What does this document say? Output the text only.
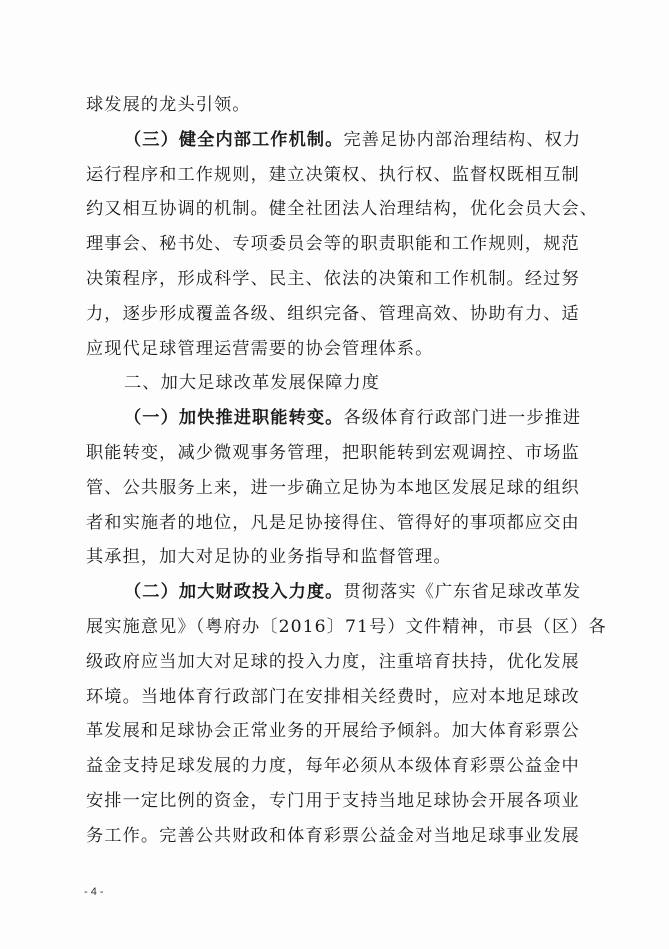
球发展的龙头引领。
（三）健全内部工作机制。完善足协内部治理结构、权力
运行程序和工作规则，建立决策权、执行权、监督权既相互制
约又相互协调的机制。健全社团法人治理结构，优化会员大会、
理事会、秘书处、专项委员会等的职责职能和工作规则，规范
决策程序，形成科学、民主、依法的决策和工作机制。经过努
力，逐步形成覆盖各级、组织完备、管理高效、协助有力、适
应现代足球管理运营需要的协会管理体系。
二、加大足球改革发展保障力度
（一）加快推进职能转变。各级体育行政部门进一步推进
职能转变，减少微观事务管理，把职能转到宏观调控、市场监
管、公共服务上来，进一步确立足协为本地区发展足球的组织
者和实施者的地位，凡是足协接得住、管得好的事项都应交由
其承担，加大对足协的业务指导和监督管理。
（二）加大财政投入力度。贯彻落实《广东省足球改革发
展实施意见》（粤府办〔2016〕71号）文件精神，市县（区）各
级政府应当加大对足球的投入力度，注重培育扶持，优化发展
环境。当地体育行政部门在安排相关经费时，应对本地足球改
革发展和足球协会正常业务的开展给予倾斜。加大体育彩票公
益金支持足球发展的力度，每年必须从本级体育彩票公益金中
安排一定比例的资金，专门用于支持当地足球协会开展各项业
务工作。完善公共财政和体育彩票公益金对当地足球事业发展
- 4 -
